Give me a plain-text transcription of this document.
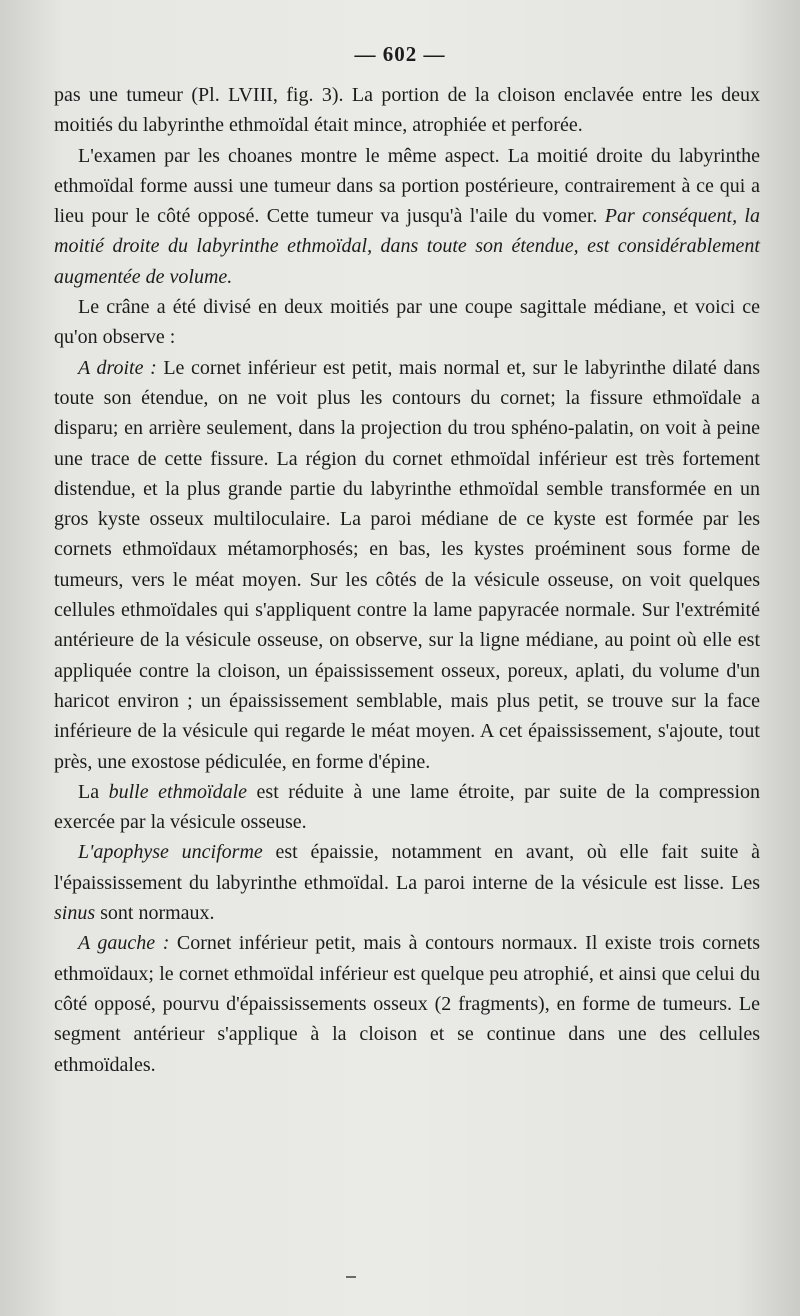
— 602 —

pas une tumeur (Pl. LVIII, fig. 3). La portion de la cloison enclavée entre les deux moitiés du labyrinthe ethmoïdal était mince, atrophiée et perforée.

L'examen par les choanes montre le même aspect. La moitié droite du labyrinthe ethmoïdal forme aussi une tumeur dans sa portion postérieure, contrairement à ce qui a lieu pour le côté opposé. Cette tumeur va jusqu'à l'aile du vomer. Par conséquent, la moitié droite du labyrinthe ethmoïdal, dans toute son étendue, est considérablement augmentée de volume.

Le crâne a été divisé en deux moitiés par une coupe sagittale médiane, et voici ce qu'on observe :

A droite : Le cornet inférieur est petit, mais normal et, sur le labyrinthe dilaté dans toute son étendue, on ne voit plus les contours du cornet; la fissure ethmoïdale a disparu; en arrière seulement, dans la projection du trou sphéno-palatin, on voit à peine une trace de cette fissure. La région du cornet ethmoïdal inférieur est très fortement distendue, et la plus grande partie du labyrinthe ethmoïdal semble transformée en un gros kyste osseux multiloculaire. La paroi médiane de ce kyste est formée par les cornets ethmoïdaux métamorphosés; en bas, les kystes proéminent sous forme de tumeurs, vers le méat moyen. Sur les côtés de la vésicule osseuse, on voit quelques cellules ethmoïdales qui s'appliquent contre la lame papyracée normale. Sur l'extrémité antérieure de la vésicule osseuse, on observe, sur la ligne médiane, au point où elle est appliquée contre la cloison, un épaississement osseux, poreux, aplati, du volume d'un haricot environ ; un épaississement semblable, mais plus petit, se trouve sur la face inférieure de la vésicule qui regarde le méat moyen. A cet épaississement, s'ajoute, tout près, une exostose pédiculée, en forme d'épine.

La bulle ethmoïdale est réduite à une lame étroite, par suite de la compression exercée par la vésicule osseuse.

L'apophyse unciforme est épaissie, notamment en avant, où elle fait suite à l'épaississement du labyrinthe ethmoïdal. La paroi interne de la vésicule est lisse. Les sinus sont normaux.

A gauche : Cornet inférieur petit, mais à contours normaux. Il existe trois cornets ethmoïdaux; le cornet ethmoïdal inférieur est quelque peu atrophié, et ainsi que celui du côté opposé, pourvu d'épaississements osseux (2 fragments), en forme de tumeurs. Le segment antérieur s'applique à la cloison et se continue dans une des cellules ethmoïdales.
